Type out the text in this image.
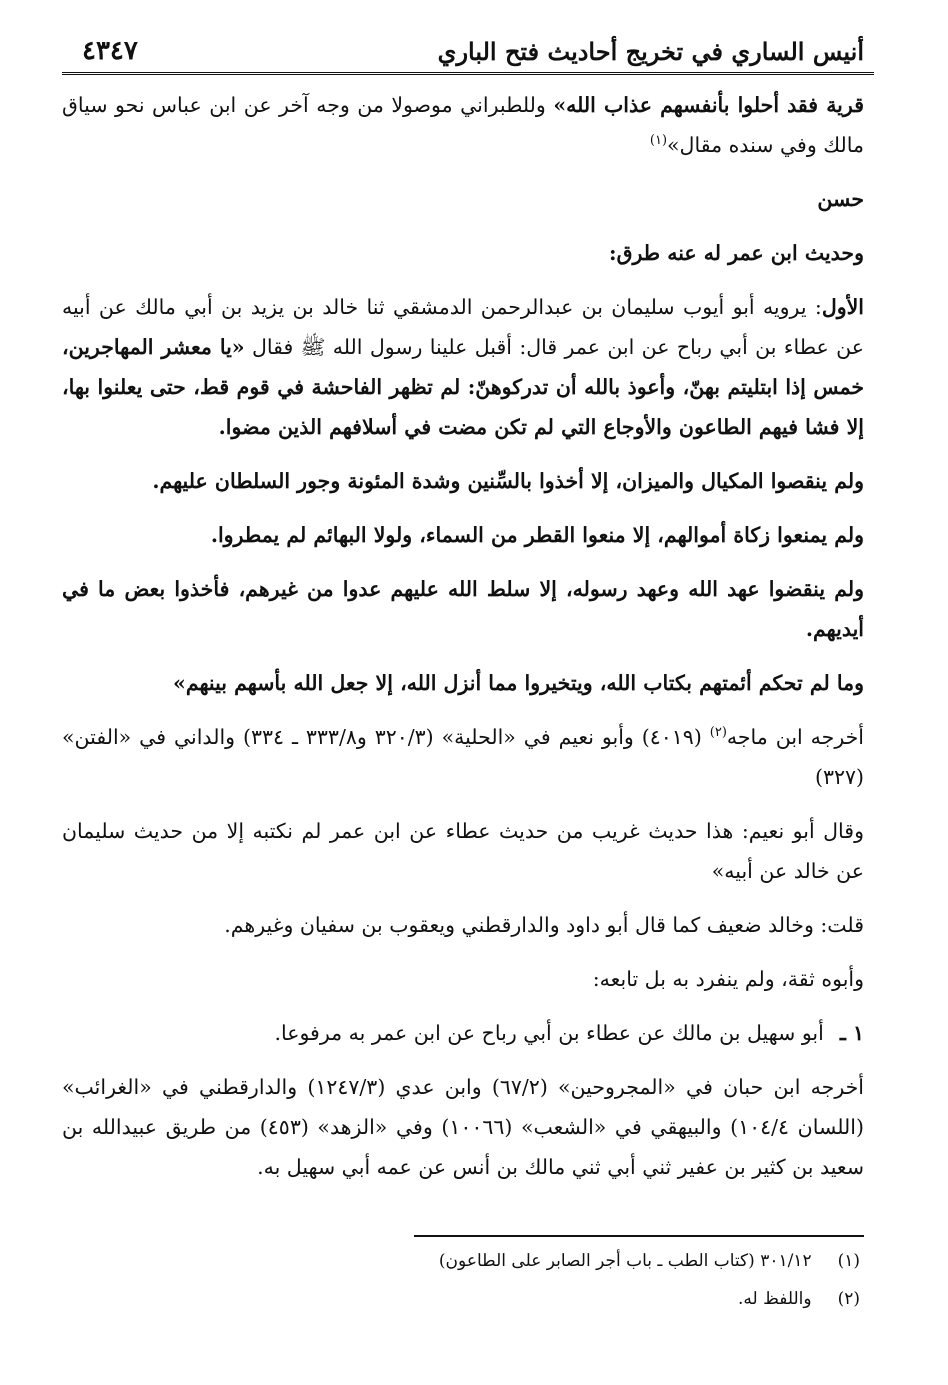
أنيس الساري في تخريج أحاديث فتح الباري
٤٣٤٧

قرية فقد أحلوا بأنفسهم عذاب الله» وللطبراني موصولا من وجه آخر عن ابن عباس نحو سياق مالك وفي سنده مقال»$^{(١)}$

حسن

وحديث ابن عمر له عنه طرق:

الأول: يرويه أبو أيوب سليمان بن عبدالرحمن الدمشقي ثنا خالد بن يزيد بن أبي مالك عن أبيه عن عطاء بن أبي رباح عن ابن عمر قال: أقبل علينا رسول الله ﷺ فقال «يا معشر المهاجرين، خمس إذا ابتليتم بهنّ، وأعوذ بالله أن تدركوهنّ: لم تظهر الفاحشة في قوم قط، حتى يعلنوا بها، إلا فشا فيهم الطاعون والأوجاع التي لم تكن مضت في أسلافهم الذين مضوا.

ولم ينقصوا المكيال والميزان، إلا أخذوا بالسِّنين وشدة المئونة وجور السلطان عليهم.

ولم يمنعوا زكاة أموالهم، إلا منعوا القطر من السماء، ولولا البهائم لم يمطروا.

ولم ينقضوا عهد الله وعهد رسوله، إلا سلط الله عليهم عدوا من غيرهم، فأخذوا بعض ما في أيديهم.

وما لم تحكم أئمتهم بكتاب الله، ويتخيروا مما أنزل الله، إلا جعل الله بأسهم بينهم»

أخرجه ابن ماجه$^{(٢)}$ (٤٠١٩) وأبو نعيم في «الحلية» (٣٢٠/٣ و٣٣٣/٨ ـ ٣٣٤) والداني في «الفتن» (٣٢٧)

وقال أبو نعيم: هذا حديث غريب من حديث عطاء عن ابن عمر لم نكتبه إلا من حديث سليمان عن خالد عن أبيه»

قلت: وخالد ضعيف كما قال أبو داود والدارقطني ويعقوب بن سفيان وغيرهم.

وأبوه ثقة، ولم ينفرد به بل تابعه:

١ ـ
أبو سهيل بن مالك عن عطاء بن أبي رباح عن ابن عمر به مرفوعا.

أخرجه ابن حبان في «المجروحين» (٦٧/٢) وابن عدي (١٢٤٧/٣) والدارقطني في «الغرائب» (اللسان ١٠٤/٤) والبيهقي في «الشعب» (١٠٠٦٦) وفي «الزهد» (٤٥٣) من طريق عبيدالله بن سعيد بن كثير بن عفير ثني أبي ثني مالك بن أنس عن عمه أبي سهيل به.

(١)
٣٠١/١٢ (كتاب الطب ـ باب أجر الصابر على الطاعون)
(٢)
واللفظ له.
